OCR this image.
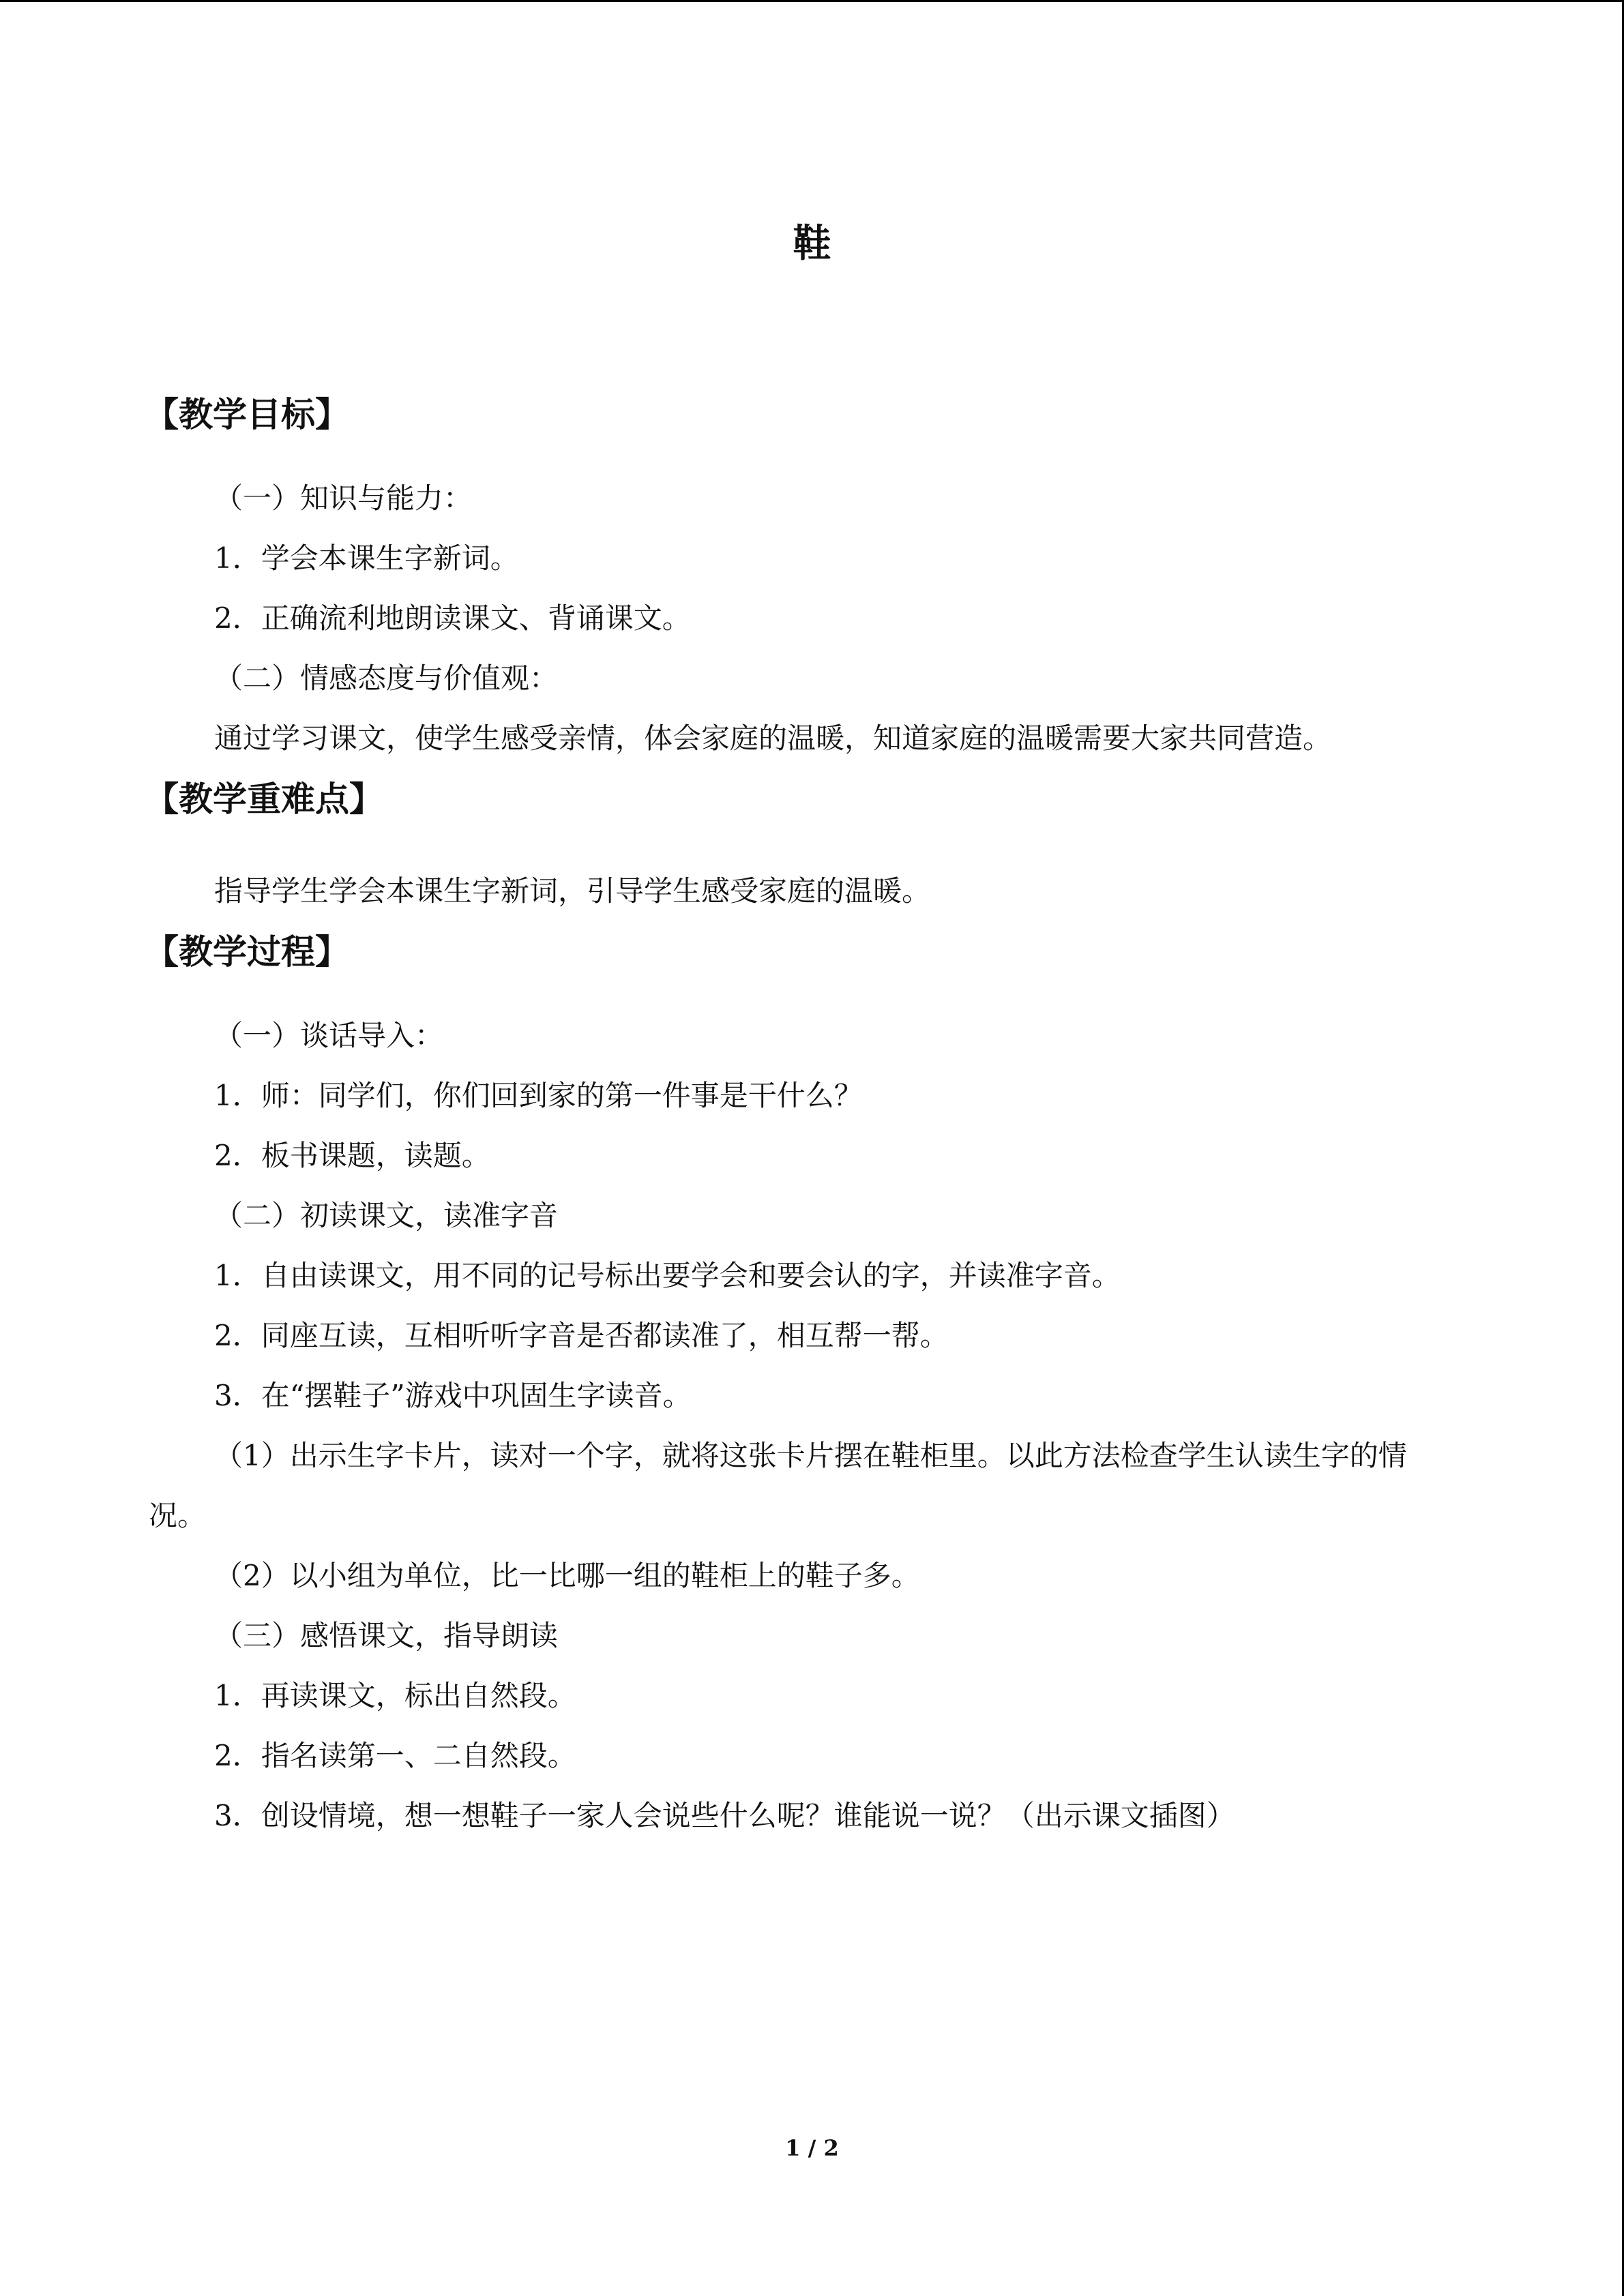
鞋
【教学目标】
（一）知识与能力：
1．学会本课生字新词。
2．正确流利地朗读课文、背诵课文。
（二）情感态度与价值观：
通过学习课文，使学生感受亲情，体会家庭的温暖，知道家庭的温暖需要大家共同营造。
【教学重难点】
指导学生学会本课生字新词，引导学生感受家庭的温暖。
【教学过程】
（一）谈话导入：
1．师：同学们，你们回到家的第一件事是干什么？
2．板书课题，读题。
（二）初读课文，读准字音
1．自由读课文，用不同的记号标出要学会和要会认的字，并读准字音。
2．同座互读，互相听听字音是否都读准了，相互帮一帮。
3．在“摆鞋子”游戏中巩固生字读音。
（1）出示生字卡片，读对一个字，就将这张卡片摆在鞋柜里。以此方法检查学生认读生字的情况。
（2）以小组为单位，比一比哪一组的鞋柜上的鞋子多。
（三）感悟课文，指导朗读
1．再读课文，标出自然段。
2．指名读第一、二自然段。
3．创设情境，想一想鞋子一家人会说些什么呢？谁能说一说？（出示课文插图）
1 / 2
